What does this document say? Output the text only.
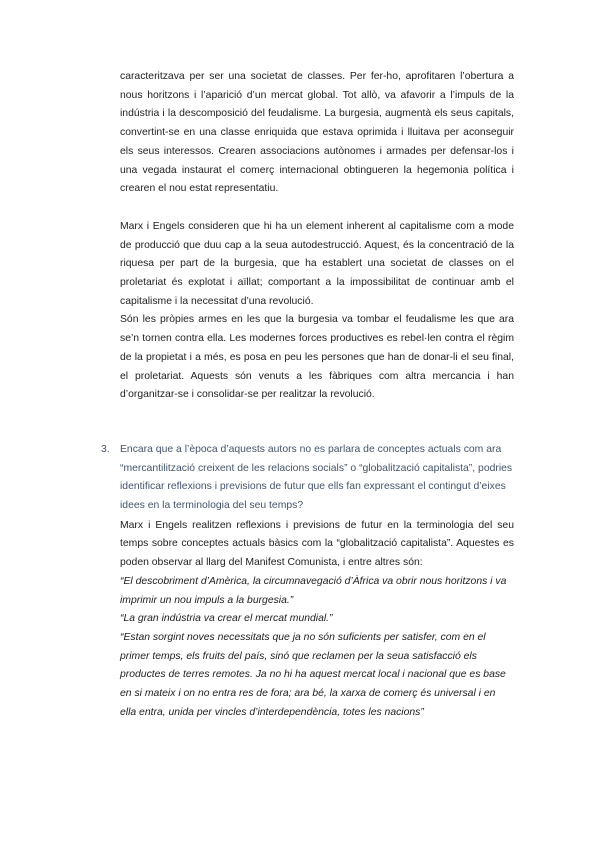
caracteritzava per ser una societat de classes. Per fer-ho, aprofitaren l’obertura a nous horitzons i l’aparició d’un mercat global. Tot allò, va afavorir a l’impuls de la indústria i la descomposició del feudalisme. La burgesia, augmentà els seus capitals, convertint-se en una classe enriquida que estava oprimida i lluitava per aconseguir els seus interessos. Crearen associacions autònomes i armades per defensar-los i una vegada instaurat el comerç internacional obtingueren la hegemonia política i crearen el nou estat representatiu.

Marx i Engels consideren que hi ha un element inherent al capitalisme com a mode de producció que duu cap a la seua autodestrucció. Aquest, és la concentració de la riquesa per part de la burgesia, que ha establert una societat de classes on el proletariat és explotat i aïllat; comportant a la impossibilitat de continuar amb el capitalisme i la necessitat d’una revolució.

Són les pròpies armes en les que la burgesia va tombar el feudalisme les que ara se’n tornen contra ella. Les modernes forces productives es rebel·len contra el règim de la propietat i a més, es posa en peu les persones que han de donar-li el seu final, el proletariat. Aquests són venuts a les fàbriques com altra mercancia i han d’organitzar-se i consolidar-se per realitzar la revolució.

3. Encara que a l’època d’aquests autors no es parlara de conceptes actuals com ara “mercantilització creixent de les relacions socials” o “globalització capitalista”, podries identificar reflexions i previsions de futur que ells fan expressant el contingut d’eixes idees en la terminologia del seu temps?

Marx i Engels realitzen reflexions i previsions de futur en la terminologia del seu temps sobre conceptes actuals bàsics com la “globalització capitalista”. Aquestes es poden observar al llarg del Manifest Comunista, i entre altres són:

“El descobriment d’Amèrica, la circumnavegació d’Àfrica va obrir nous horitzons i va imprimir un nou impuls a la burgesia.”

“La gran indústria va crear el mercat mundial.”

“Estan sorgint noves necessitats que ja no són suficients per satisfer, com en el primer temps, els fruits del país, sinó que reclamen per la seua satisfacció els productes de terres remotes. Ja no hi ha aquest mercat local i nacional que es base en si mateix i on no entra res de fora; ara bé, la xarxa de comerç és universal i en ella entra, unida per vincles d’interdependència, totes les nacions”
